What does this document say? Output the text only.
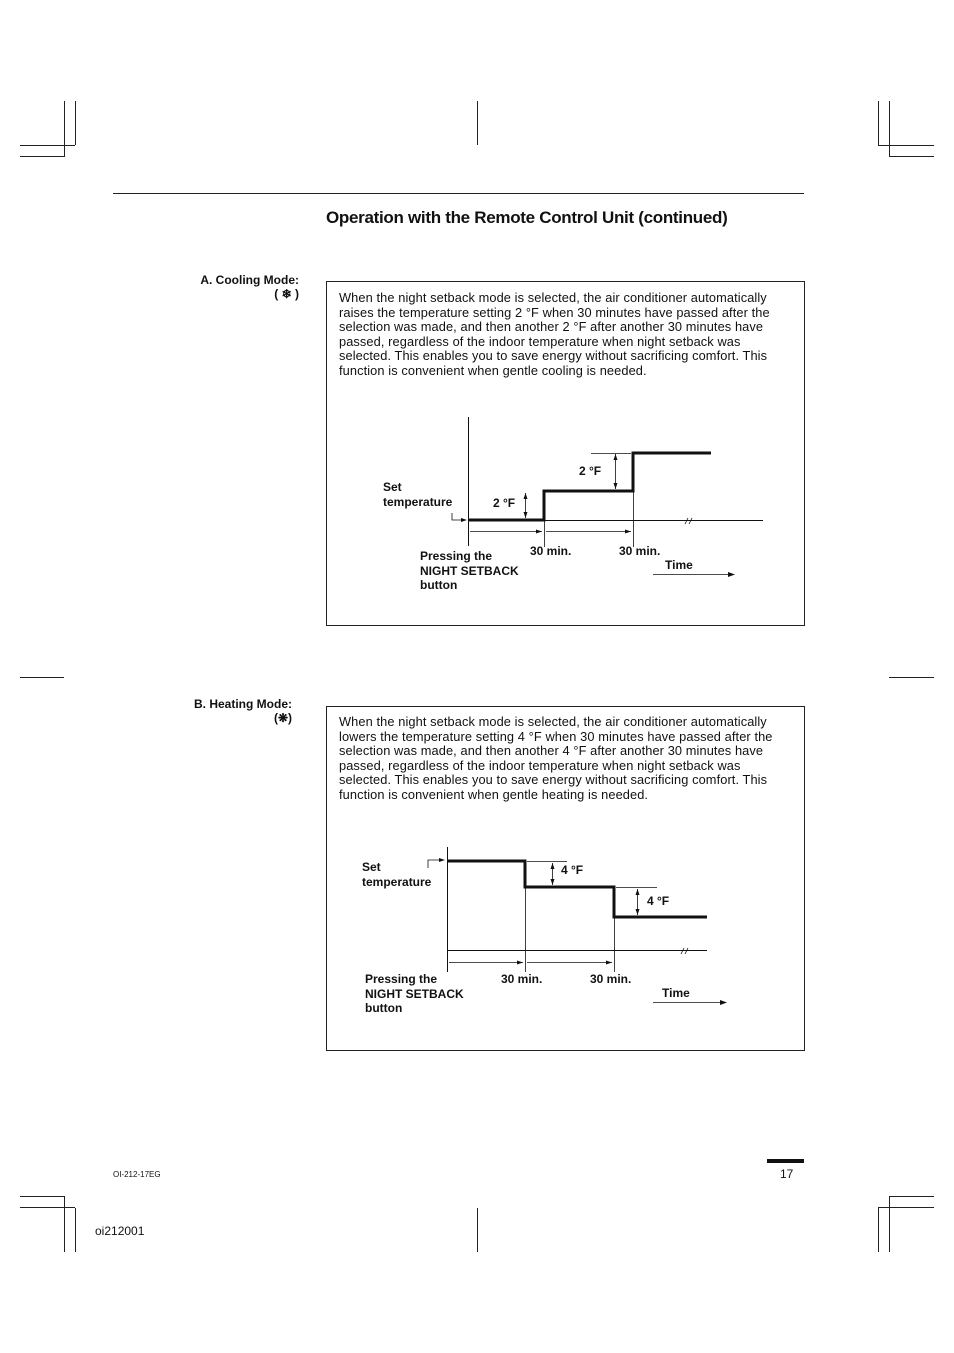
Operation with the Remote Control Unit (continued)
A. Cooling Mode:
( ❄ )	When the night setback mode is selected, the air conditioner automatically raises the temperature setting 2 °F when 30 minutes have passed after the selection was made, and then another 2 °F after another 30 minutes have passed, regardless of the indoor temperature when night setback was selected. This enables you to save energy without sacrificing comfort. This function is convenient when gentle cooling is needed.
Set
temperature	2 °F
2 °F
30 min.	30 min.
Pressing the
NIGHT SETBACK
button
Time
B. Heating Mode:
(❋)	When the night setback mode is selected, the air conditioner automatically lowers the temperature setting 4 °F when 30 minutes have passed after the selection was made, and then another 4 °F after another 30 minutes have passed, regardless of the indoor temperature when night setback was selected. This enables you to save energy without sacrificing comfort. This function is convenient when gentle heating is needed.
Set
temperature
4 °F
4 °F
30 min.	30 min.
Pressing the
NIGHT SETBACK
button
Time
OI-212-17EG	17
oi212001
